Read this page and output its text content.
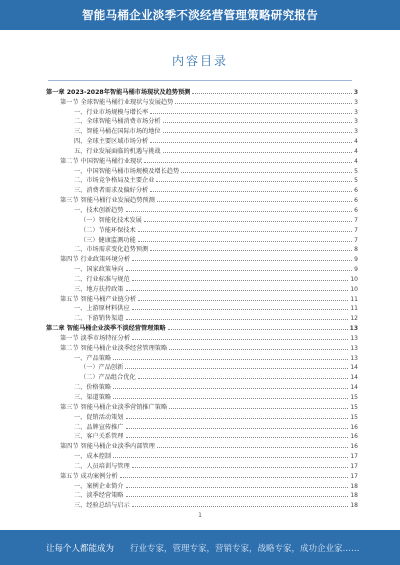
智能马桶企业淡季不淡经营管理策略研究报告
内容目录
第一章 2023-2028年智能马桶市场现状及趋势预测	3
第一节 全球智能马桶行业现状与发展趋势	3
一、行业市场规模与增长率	3
二、全球智能马桶消费市场分析	3
三、智能马桶在国际市场的地位	3
四、全球主要区域市场分析	4
五、行业发展面临的机遇与挑战	4
第二节 中国智能马桶行业现状	4
一、中国智能马桶市场规模及增长趋势	5
二、市场竞争格局及主要企业	5
三、消费者需求及偏好分析	6
第三节 智能马桶行业发展趋势预测	6
一、技术创新趋势	6
（一）智能化技术发展	7
（二）节能环保技术	7
（三）健康监测功能	7
二、市场需求变化趋势预测	8
第四节 行业政策环境分析	9
一、国家政策导向	9
二、行业标准与规范	10
三、地方扶持政策	10
第五节 智能马桶产业链分析	11
一、上游原材料供应	11
二、下游销售渠道	12
第二章 智能马桶企业淡季不淡经营管理策略	13
第一节 淡季市场特征分析	13
第二节 智能马桶企业淡季经营管理策略	13
一、产品策略	13
（一）产品创新	14
（二）产品组合优化	14
二、价格策略	14
三、渠道策略	15
第三节 智能马桶企业淡季营销推广策略	15
一、促销活动策划	15
二、品牌宣传推广	16
三、客户关系管理	16
第四节 智能马桶企业淡季内部管理	16
一、成本控制	17
二、人员培训与管理	17
第五节 成功案例分析	17
一、案例企业简介	18
二、淡季经营策略	18
三、经验总结与启示	18
1
让每个人都能成为 行业专家，管理专家，营销专家，战略专家，成功企业家……
